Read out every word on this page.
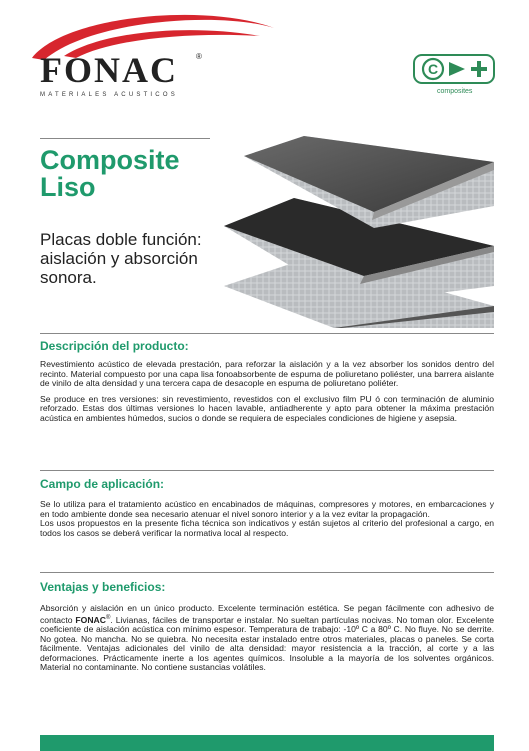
FONAC ®
MATERIALES ACUSTICOS
C
composites
Composite
Liso

Placas doble función: aislación y absorción sonora.

Descripción del producto:

Revestimiento acústico de elevada prestación, para reforzar la aislación y a la vez absorber los sonidos dentro del recinto. Material compuesto por una capa lisa fonoabsorbente de espuma de poliuretano poliéster, una barrera aislante de vinilo de alta densidad y una tercera capa de desacople en espuma de poliuretano poliéter.

Se produce en tres versiones: sin revestimiento, revestidos con el exclusivo film PU ó con terminación de aluminio reforzado. Estas dos últimas versiones lo hacen lavable, antiadherente y apto para obtener la máxima prestación acústica en ambientes húmedos, sucios o donde se requiera de especiales condiciones de higiene y asepsia.

Campo de aplicación:

Se lo utiliza para el tratamiento acústico en encabinados de máquinas, compresores y motores, en embarcaciones y en todo ambiente donde sea necesario atenuar el nivel sonoro interior y a la vez evitar la propagación.

Los usos propuestos en la presente ficha técnica son indicativos y están sujetos al criterio del profesional a cargo, en todos los casos se deberá verificar la normativa local al respecto.

Ventajas y beneficios:

Absorción y aislación en un único producto. Excelente terminación estética. Se pegan fácilmente con adhesivo de contacto FONAC®. Livianas, fáciles de transportar e instalar. No sueltan partículas nocivas. No toman olor. Excelente coeficiente de aislación acústica con mínimo espesor. Temperatura de trabajo: -10º C a 80º C. No fluye. No se derrite. No gotea. No mancha. No se quiebra. No necesita estar instalado entre otros materiales, placas o paneles. Se corta fácilmente. Ventajas adicionales del vinilo de alta densidad: mayor resistencia a la tracción, al corte y a las deformaciones. Prácticamente inerte a los agentes químicos. Insoluble a la mayoría de los solventes orgánicos. Material no contaminante. No contiene sustancias volátiles.
